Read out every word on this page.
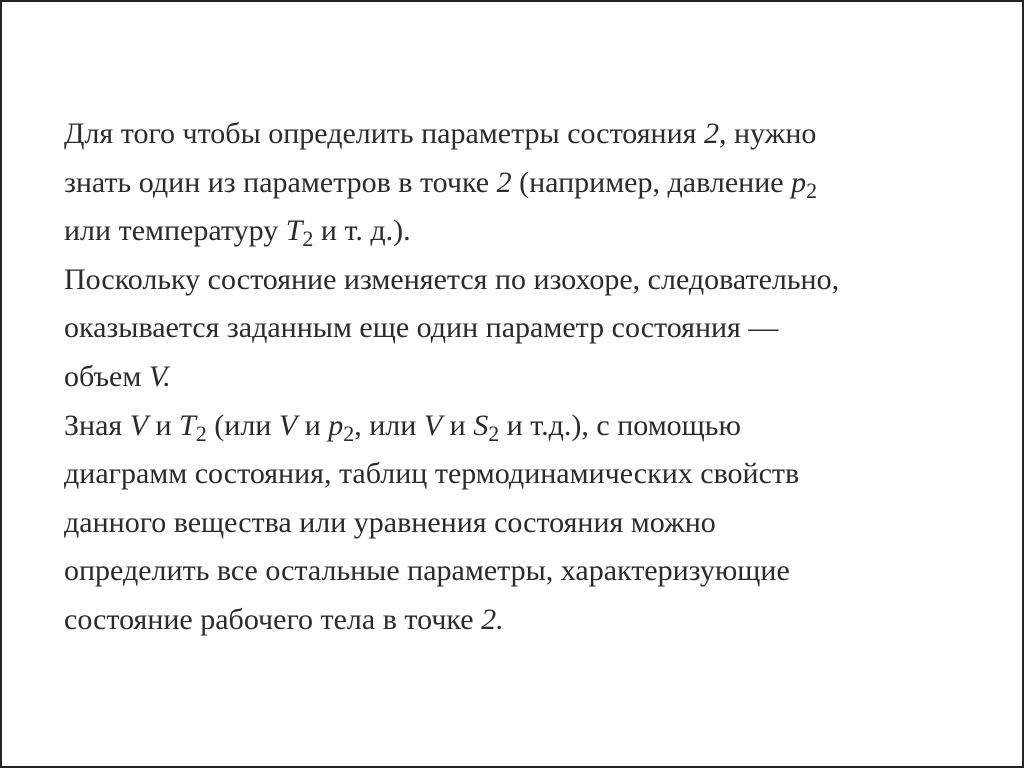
Для того чтобы определить параметры состояния 2, нужно
знать один из параметров в точке 2 (например, давление $p_2$
или температуру $T_2$ и т. д.).
Поскольку состояние изменяется по изохоре, следовательно,
оказывается заданным еще один параметр состояния —
объем V.
Зная V и $T_2$ (или V и $p_2$, или V и $S_2$ и т.д.), с помощью
диаграмм состояния, таблиц термодинамических свойств
данного вещества или уравнения состояния можно
определить все остальные параметры, характеризующие
состояние рабочего тела в точке 2.
